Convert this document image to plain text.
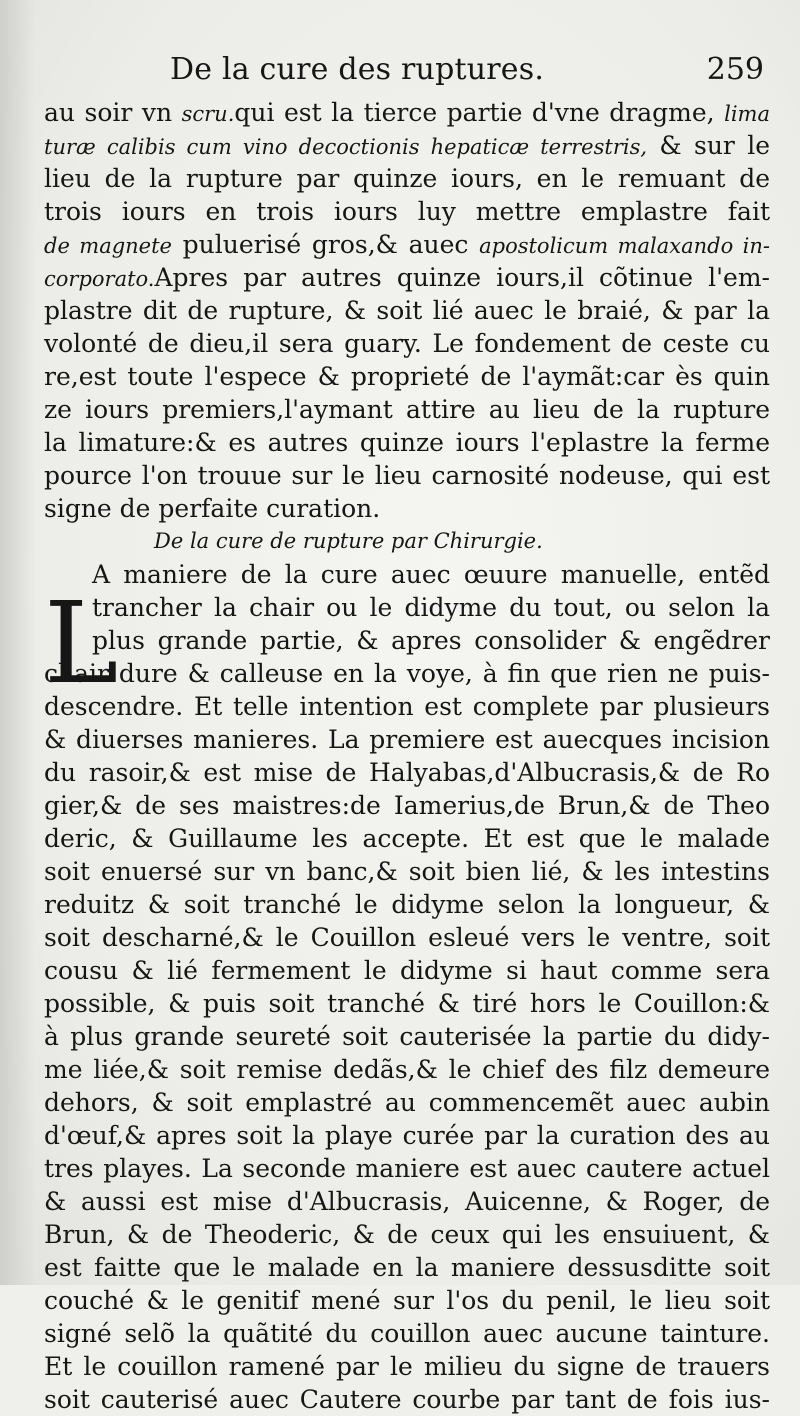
De la cure des ruptures.	259
au soir vn scru.qui est la tierce partie d'vne dragme, lima
turæ calibis cum vino decoctionis hepaticæ terrestris, & sur le
lieu de la rupture par quinze iours, en le remuant de
trois iours en trois iours luy mettre emplastre fait
de magnete puluerisé gros,& auec apostolicum malaxando in-
corporato.Apres par autres quinze iours,il cõtinue l'em-
plastre dit de rupture, & soit lié auec le braié, & par la
volonté de dieu,il sera guary. Le fondement de ceste cu
re,est toute l'espece & proprieté de l'aymãt:car ès quin
ze iours premiers,l'aymant attire au lieu de la rupture
la limature:& es autres quinze iours l'eplastre la ferme
pource l'on trouue sur le lieu carnosité nodeuse, qui est
signe de perfaite curation.
De la cure de rupture par Chirurgie.
A maniere de la cure auec œuure manuelle, entẽd
trancher la chair ou le didyme du tout, ou selon la
plus grande partie, & apres consolider & engẽdrer
chair dure & calleuse en la voye, à fin que rien ne puis-
descendre. Et telle intention est complete par plusieurs
& diuerses manieres. La premiere est auecques incision
du rasoir,& est mise de Halyabas,d'Albucrasis,& de Ro
gier,& de ses maistres:de Iamerius,de Brun,& de Theo
deric, & Guillaume les accepte. Et est que le malade
soit enuersé sur vn banc,& soit bien lié, & les intestins
reduitz & soit tranché le didyme selon la longueur, &
soit descharné,& le Couillon esleué vers le ventre, soit
cousu & lié fermement le didyme si haut comme sera
possible, & puis soit tranché & tiré hors le Couillon:&
à plus grande seureté soit cauterisée la partie du didy-
me liée,& soit remise dedãs,& le chief des filz demeure
dehors, & soit emplastré au commencemẽt auec aubin
d'œuf,& apres soit la playe curée par la curation des au
tres playes. La seconde maniere est auec cautere actuel
& aussi est mise d'Albucrasis, Auicenne, & Roger, de
Brun, & de Theoderic, & de ceux qui les ensuiuent, &
est faitte que le malade en la maniere dessusditte soit
couché & le genitif mené sur l'os du penil, le lieu soit
signé selõ la quãtité du couillon auec aucune tainture.
Et le couillon ramené par le milieu du signe de trauers
soit cauterisé auec Cautere courbe par tant de fois ius-
L
